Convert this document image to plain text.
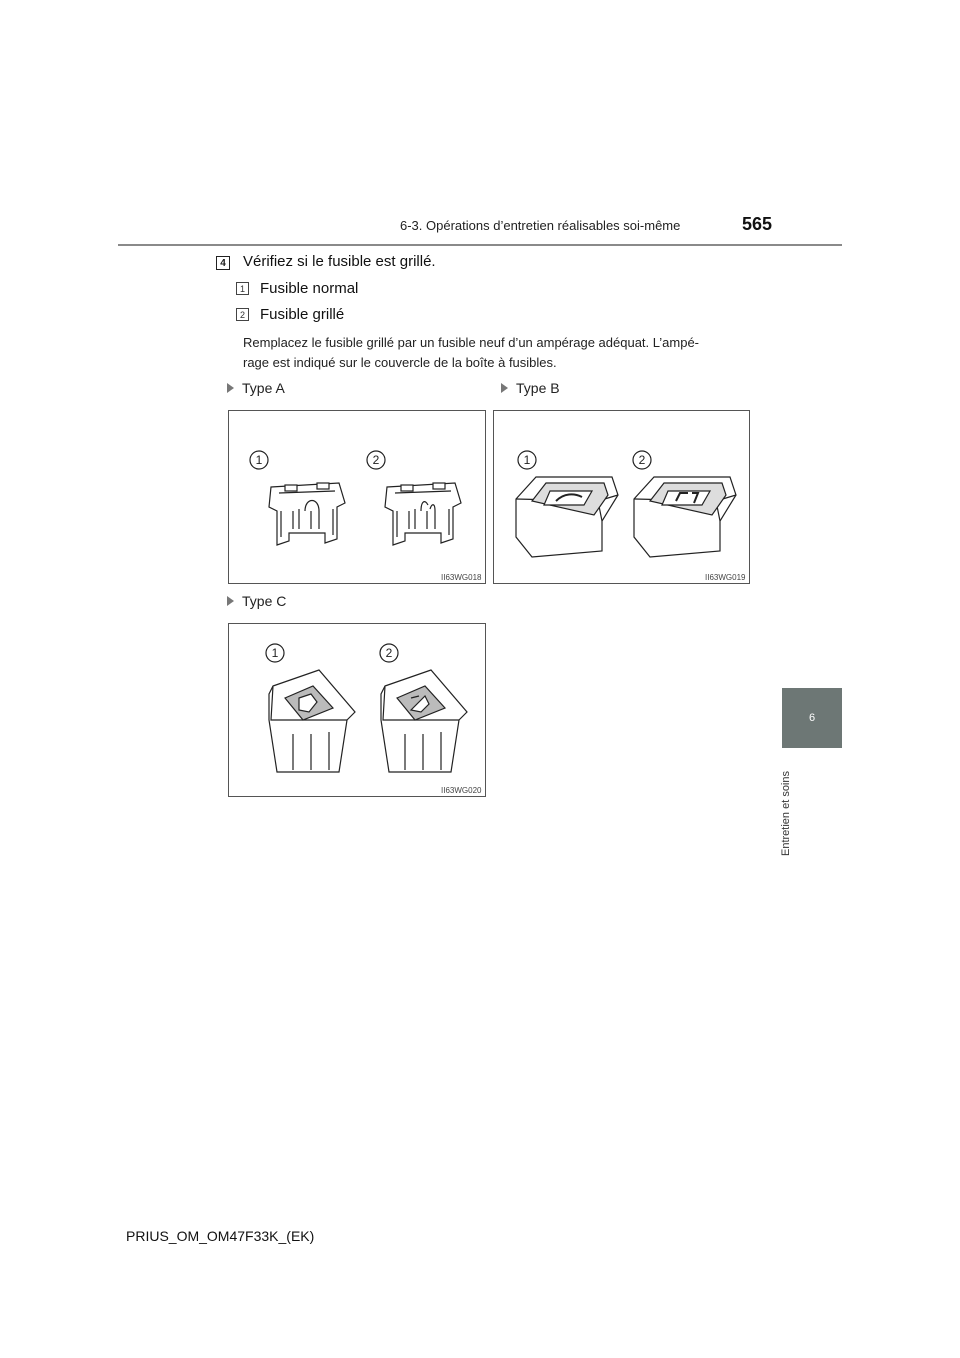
6-3. Opérations d’entretien réalisables soi-même	565
6
Entretien et soins
4 Vérifiez si le fusible est grillé.
1 Fusible normal
2 Fusible grillé
Remplacez le fusible grillé par un fusible neuf d’un ampérage adéquat. L’ampé-
rage est indiqué sur le couvercle de la boîte à fusibles.
Type A	Type B
Type C
1	2
II63WG018
1	2
II63WG019
1	2
II63WG020
PRIUS_OM_OM47F33K_(EK)
